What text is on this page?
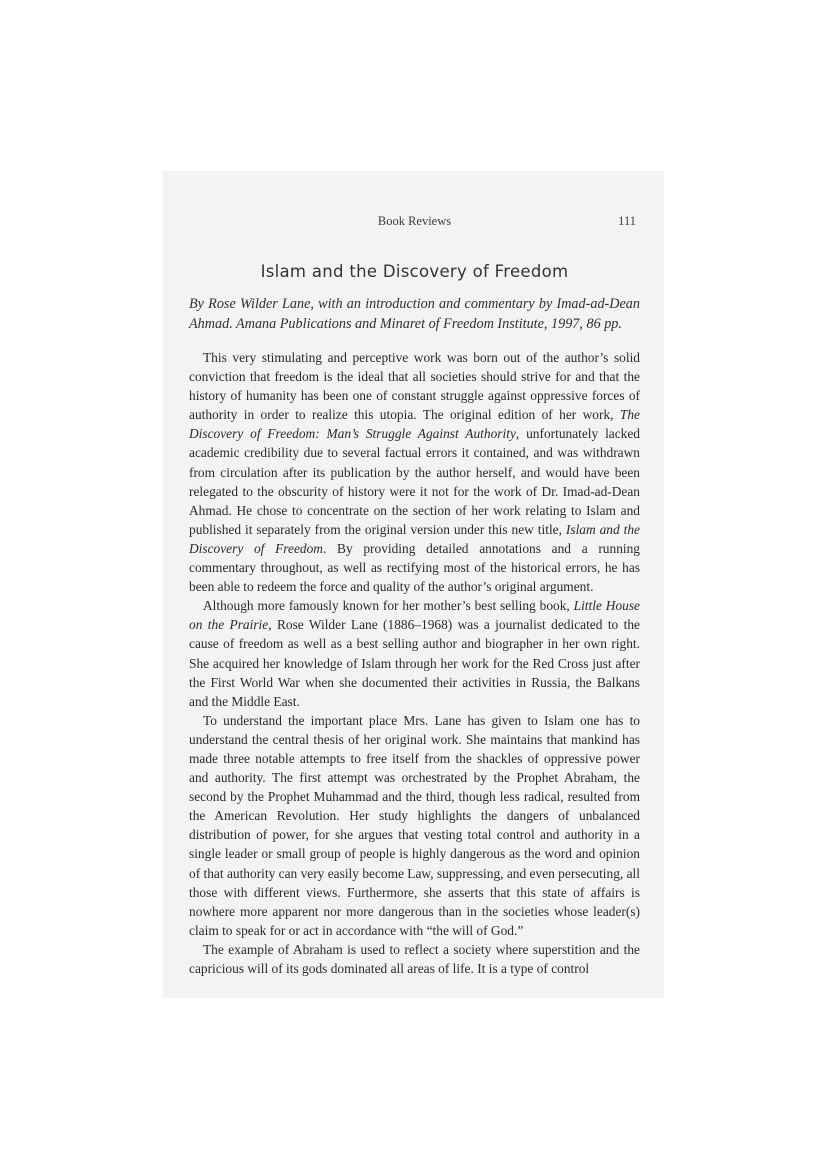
Book Reviews	111
Islam and the Discovery of Freedom
By Rose Wilder Lane, with an introduction and commentary by Imad-ad-Dean Ahmad. Amana Publications and Minaret of Freedom Institute, 1997, 86 pp.

This very stimulating and perceptive work was born out of the author’s solid conviction that freedom is the ideal that all societies should strive for and that the history of humanity has been one of constant struggle against oppressive forces of authority in order to realize this utopia. The original edition of her work, The Discovery of Freedom: Man’s Struggle Against Authority, unfortunately lacked academic credibility due to several factual errors it contained, and was withdrawn from circulation after its publication by the author herself, and would have been relegated to the obscurity of history were it not for the work of Dr. Imad-ad-Dean Ahmad. He chose to concentrate on the section of her work relating to Islam and published it separately from the original version under this new title, Islam and the Discovery of Freedom. By providing detailed annotations and a running commentary throughout, as well as rectifying most of the historical errors, he has been able to redeem the force and quality of the author’s original argument.

Although more famously known for her mother’s best selling book, Little House on the Prairie, Rose Wilder Lane (1886–1968) was a journalist dedicated to the cause of freedom as well as a best selling author and biographer in her own right. She acquired her knowledge of Islam through her work for the Red Cross just after the First World War when she documented their activities in Russia, the Balkans and the Middle East.

To understand the important place Mrs. Lane has given to Islam one has to understand the central thesis of her original work. She maintains that mankind has made three notable attempts to free itself from the shackles of oppressive power and authority. The first attempt was orchestrated by the Prophet Abraham, the second by the Prophet Muhammad and the third, though less radical, resulted from the American Revolution. Her study highlights the dangers of unbalanced distribution of power, for she argues that vesting total control and authority in a single leader or small group of people is highly dangerous as the word and opinion of that authority can very easily become Law, suppressing, and even persecuting, all those with different views. Furthermore, she asserts that this state of affairs is nowhere more apparent nor more dangerous than in the societies whose leader(s) claim to speak for or act in accordance with “the will of God.”

The example of Abraham is used to reflect a society where superstition and the capricious will of its gods dominated all areas of life. It is a type of control
